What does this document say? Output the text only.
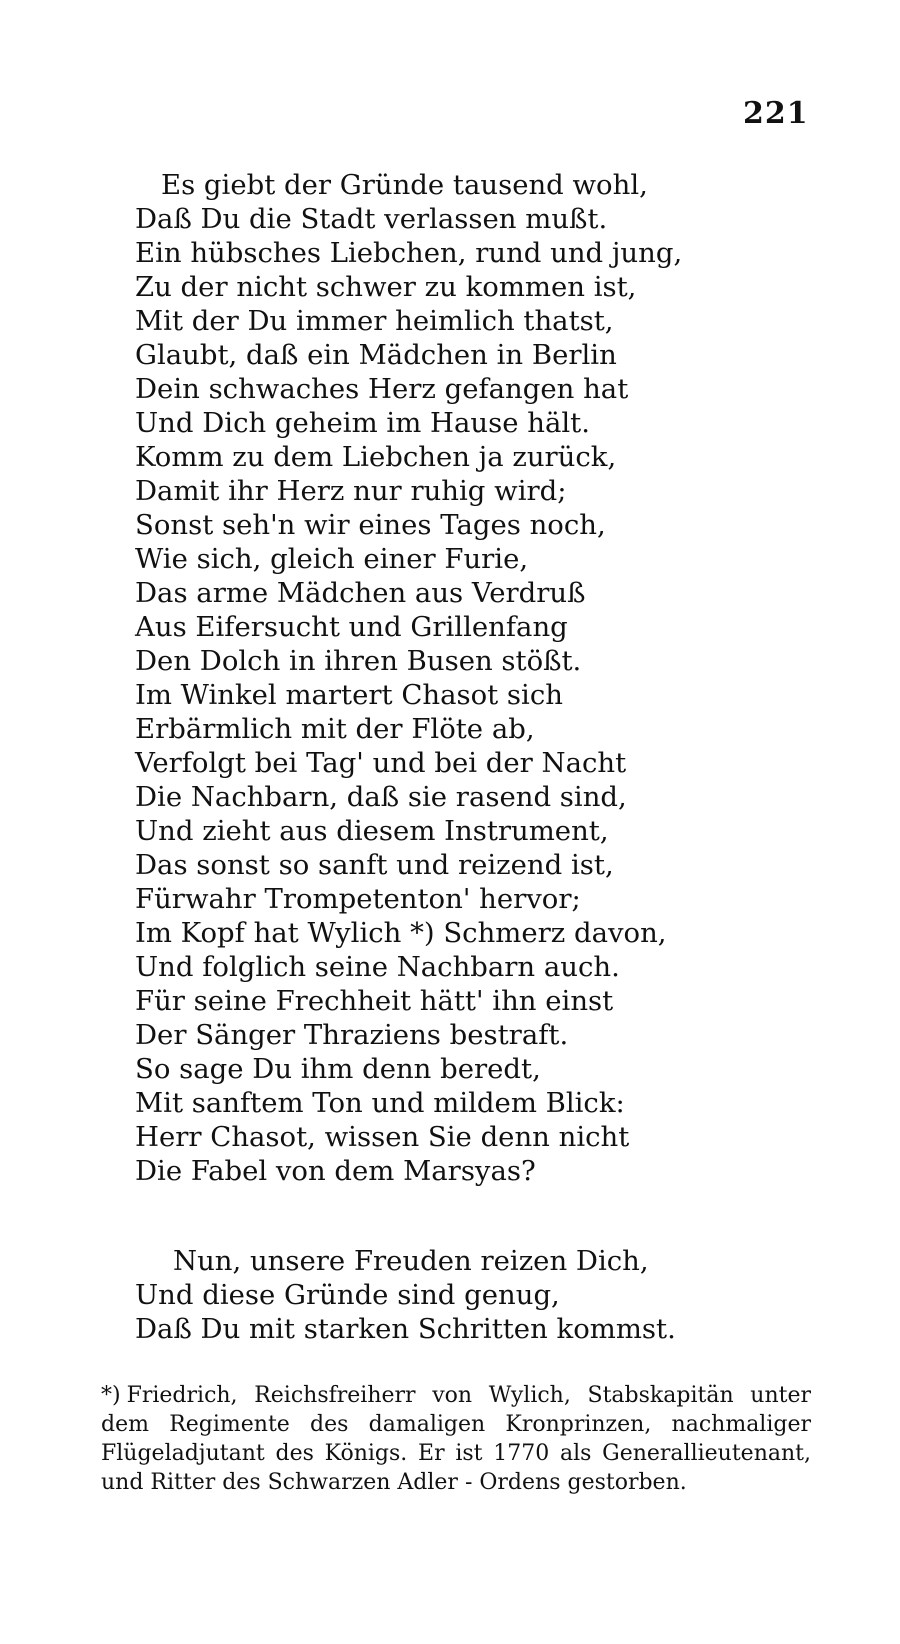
221
Es giebt der Gründe tausend wohl,
Daß Du die Stadt verlassen mußt.
Ein hübsches Liebchen, rund und jung,
Zu der nicht schwer zu kommen ist,
Mit der Du immer heimlich thatst,
Glaubt, daß ein Mädchen in Berlin
Dein schwaches Herz gefangen hat
Und Dich geheim im Hause hält.
Komm zu dem Liebchen ja zurück,
Damit ihr Herz nur ruhig wird;
Sonst seh'n wir eines Tages noch,
Wie sich, gleich einer Furie,
Das arme Mädchen aus Verdruß
Aus Eifersucht und Grillenfang
Den Dolch in ihren Busen stößt.
Im Winkel martert Chasot sich
Erbärmlich mit der Flöte ab,
Verfolgt bei Tag' und bei der Nacht
Die Nachbarn, daß sie rasend sind,
Und zieht aus diesem Instrument,
Das sonst so sanft und reizend ist,
Fürwahr Trompetenton' hervor;
Im Kopf hat Wylich *) Schmerz davon,
Und folglich seine Nachbarn auch.
Für seine Frechheit hätt' ihn einst
Der Sänger Thraziens bestraft.
So sage Du ihm denn beredt,
Mit sanftem Ton und mildem Blick:
Herr Chasot, wissen Sie denn nicht
Die Fabel von dem Marsyas?
Nun, unsere Freuden reizen Dich,
Und diese Gründe sind genug,
Daß Du mit starken Schritten kommst.
*) Friedrich, Reichsfreiherr von Wylich, Stabskapitän unter dem Regimente des damaligen Kronprinzen, nachmaliger Flügeladjutant des Königs. Er ist 1770 als Generallieutenant, und Ritter des Schwarzen Adler - Ordens gestorben.
